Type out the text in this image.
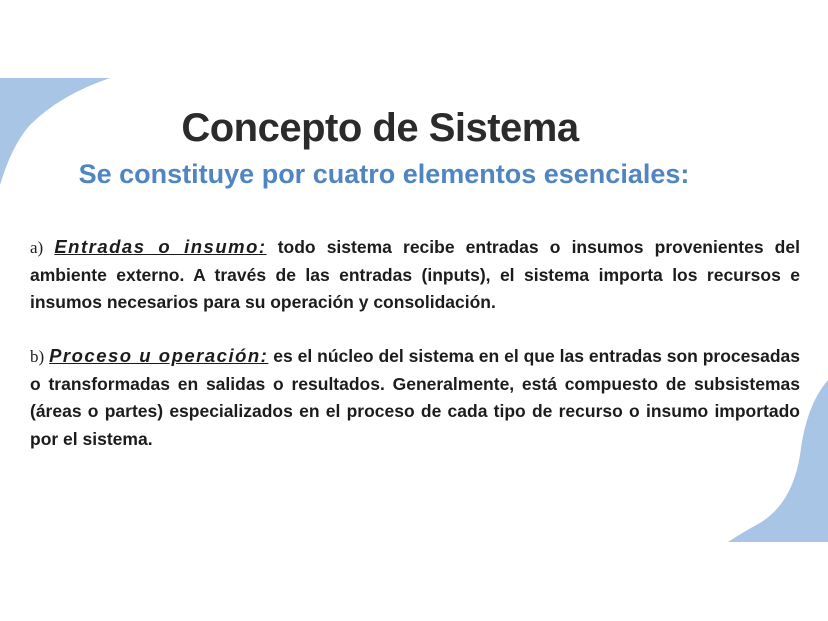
Concepto de Sistema
Se constituye por cuatro elementos esenciales:

a) Entradas o insumo: todo sistema recibe entradas o insumos provenientes del ambiente externo. A través de las entradas (inputs), el sistema importa los recursos e insumos necesarios para su operación y consolidación.

b) Proceso u operación: es el núcleo del sistema en el que las entradas son procesadas o transformadas en salidas o resultados. Generalmente, está compuesto de subsistemas (áreas o partes) especializados en el proceso de cada tipo de recurso o insumo importado por el sistema.
